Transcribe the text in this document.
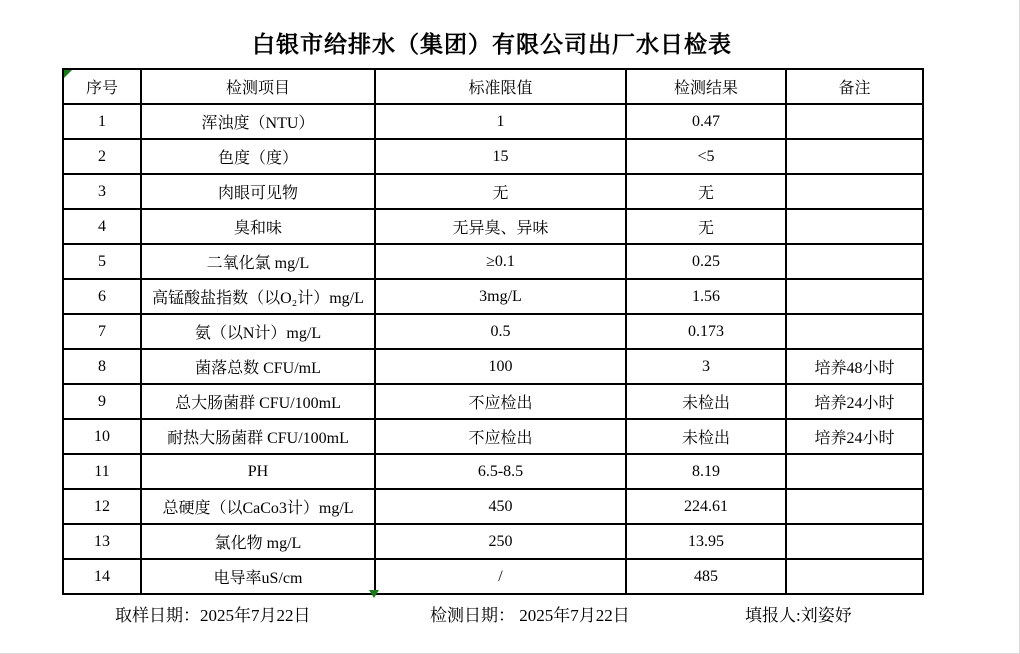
白银市给排水（集团）有限公司出厂水日检表
序号	检测项目	标准限值	检测结果	备注
1	浑浊度（NTU）	1	0.47	
2	色度（度）	15	<5	
3	肉眼可见物	无	无	
4	臭和味	无异臭、异味	无	
5	二氧化氯 mg/L	≥0.1	0.25	
6	高锰酸盐指数（以O₂计）mg/L	3mg/L	1.56	
7	氨（以N计）mg/L	0.5	0.173	
8	菌落总数 CFU/mL	100	3	培养48小时
9	总大肠菌群 CFU/100mL	不应检出	未检出	培养24小时
10	耐热大肠菌群 CFU/100mL	不应检出	未检出	培养24小时
11	PH	6.5-8.5	8.19	
12	总硬度（以CaCo3计）mg/L	450	224.61	
13	氯化物 mg/L	250	13.95	
14	电导率uS/cm	/	485	
取样日期：2025年7月22日	检测日期： 2025年7月22日	填报人:刘姿妤
